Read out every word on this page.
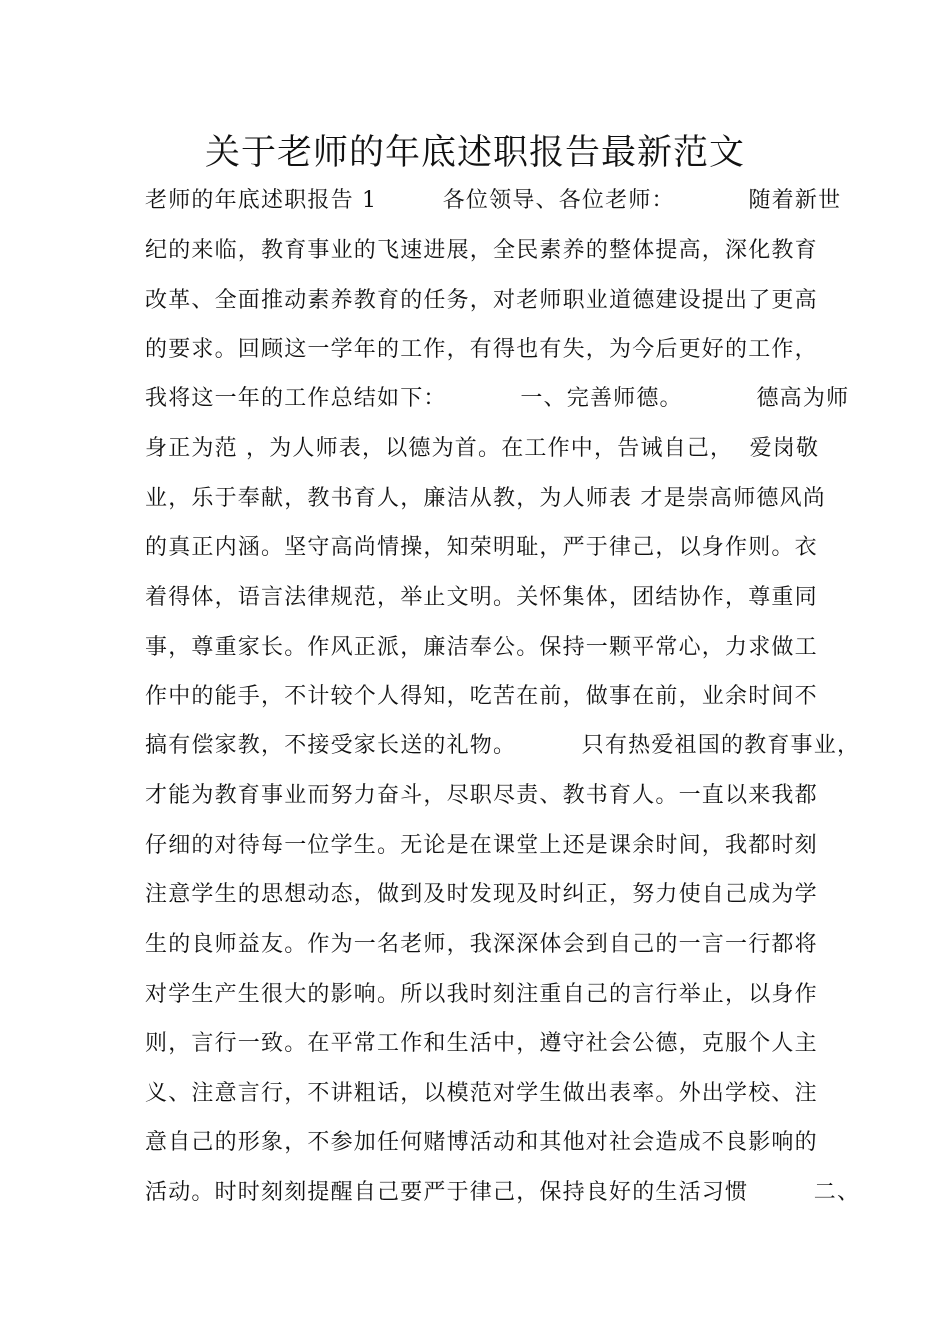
关于老师的年底述职报告最新范文
老师的年底述职报告 1        各位领导、各位老师：         随着新世
纪的来临，教育事业的飞速进展，全民素养的整体提高，深化教育
改革、全面推动素养教育的任务，对老师职业道德建设提出了更高
的要求。回顾这一学年的工作，有得也有失，为今后更好的工作，
我将这一年的工作总结如下：         一、完善师德。         德高为师
身正为范 ，为人师表，以德为首。在工作中，告诫自己，  爱岗敬
业，乐于奉献，教书育人，廉洁从教，为人师表 才是崇高师德风尚
的真正内涵。坚守高尚情操，知荣明耻，严于律己，以身作则。衣
着得体，语言法律规范，举止文明。关怀集体，团结协作，尊重同
事，尊重家长。作风正派，廉洁奉公。保持一颗平常心，力求做工
作中的能手，不计较个人得知，吃苦在前，做事在前，业余时间不
搞有偿家教，不接受家长送的礼物。        只有热爱祖国的教育事业，
才能为教育事业而努力奋斗，尽职尽责、教书育人。一直以来我都
仔细的对待每一位学生。无论是在课堂上还是课余时间，我都时刻
注意学生的思想动态，做到及时发现及时纠正，努力使自己成为学
生的良师益友。作为一名老师，我深深体会到自己的一言一行都将
对学生产生很大的影响。所以我时刻注重自己的言行举止，以身作
则，言行一致。在平常工作和生活中，遵守社会公德，克服个人主
义、注意言行，不讲粗话，以模范对学生做出表率。外出学校、注
意自己的形象，不参加任何赌博活动和其他对社会造成不良影响的
活动。时时刻刻提醒自己要严于律己，保持良好的生活习惯        二、
